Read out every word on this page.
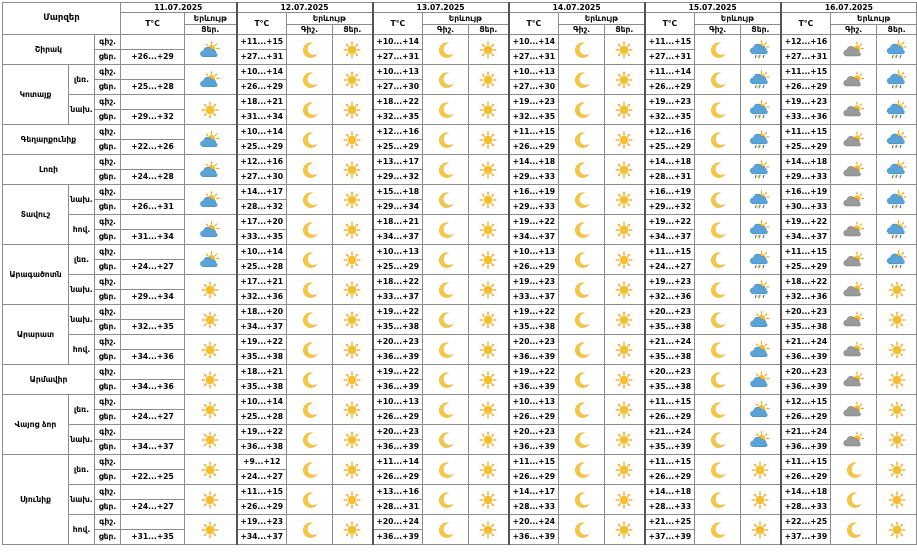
Մարզեր			11.07.2025		12.07.2025			13.07.2025			14.07.2025			15.07.2025			16.07.2025		
			T°C	Երևույթ	T°C	Երևույթ		T°C	Երևույթ		T°C	Երևույթ		T°C	Երևույթ		T°C	Երևույթ	
				Ցեր.		Գիշ.	Ցեր.		Գիշ.	Ցեր.		Գիշ.	Ցեր.		Գիշ.	Ցեր.		Գիշ.	Ցեր.
Շիրակ		գիշ.			+11...+15			+10...+14			+10...+14			+11...+15			+12...+16	

		ցեր.	+26...+29		+27...+31			+27...+31			+27...+31			+27...+31			+27...+31		
Կոտայք	լեռ.	գիշ.			+10...+14			+10...+13			+10...+13			+11...+14			+11...+15	

		ցեր.	+25...+28		+26...+29			+27...+30			+27...+30			+26...+29			+26...+29		
	նախ.	գիշ.			+18...+21			+18...+22			+19...+23			+19...+23			+19...+23	

		ցեր.	+29...+32		+31...+34			+32...+35			+32...+35			+32...+35			+33...+36		
Գեղարքունիք		գիշ.			+10...+14			+12...+16			+11...+15			+12...+16			+11...+15	

		ցեր.	+22...+26		+25...+29			+25...+29			+26...+29			+25...+29			+25...+29		
Լոռի		գիշ.			+12...+16			+13...+17			+14...+18			+14...+18			+14...+18	

		ցեր.	+24...+28		+27...+30			+29...+32			+29...+33			+28...+31			+29...+33		
Տավուշ	նախ.	գիշ.			+14...+17			+15...+18			+16...+19			+16...+19			+16...+19	

		ցեր.	+26...+31		+28...+32			+29...+34			+29...+33			+29...+32			+30...+33		
	հով.	գիշ.			+17...+20			+18...+21			+19...+22			+19...+22			+19...+22	

		ցեր.	+31...+34		+33...+35			+34...+37			+34...+37			+34...+37			+34...+37		
Արագածոտն	լեռ.	գիշ.			+10...+14			+10...+13			+10...+13			+11...+15			+11...+15	

		ցեր.	+24...+27		+25...+28			+25...+29			+26...+29			+24...+27			+25...+29		
	նախ.	գիշ.			+17...+21			+18...+22			+19...+23			+19...+23			+18...+22	

		ցեր.	+29...+34		+32...+36			+33...+37			+33...+37			+32...+36			+32...+36		
Արարատ	նախ.	գիշ.			+18...+20			+19...+22			+19...+22			+20...+23			+20...+23	

		ցեր.	+32...+35		+34...+37			+35...+38			+35...+38			+35...+38			+35...+38		
	հով.	գիշ.			+19...+22			+20...+23			+20...+23			+21...+24			+21...+24	

		ցեր.	+34...+36		+35...+38			+36...+39			+36...+39			+35...+38			+36...+39		
Արմավիր		գիշ.			+18...+21			+19...+22			+19...+22			+20...+23			+20...+23	

		ցեր.	+34...+36		+35...+38			+36...+39			+36...+39			+35...+38			+36...+39		
Վայոց ձոր	լեռ.	գիշ.			+10...+14			+10...+13			+10...+13			+11...+15			+12...+15	

		ցեր.	+24...+27		+25...+28			+26...+29			+26...+29			+26...+29			+26...+29		
	նախ.	գիշ.			+19...+22			+20...+23			+20...+23			+21...+24			+21...+24	

		ցեր.	+34...+37		+36...+38			+36...+39			+36...+39			+35...+39			+36...+39		
Սյունիք	լեռ.	գիշ.			+9...+12			+11...+14			+11...+15			+11...+15			+11...+15	

		ցեր.	+22...+25		+24...+27			+26...+29			+26...+29			+26...+29			+26...+29		
	նախ.	գիշ.			+11...+15			+13...+16			+14...+17			+14...+18			+14...+18	

		ցեր.	+24...+27		+26...+29			+28...+31			+28...+33			+28...+33			+28...+33		
	հով.	գիշ.			+19...+23			+20...+24			+20...+24			+21...+25			+22...+25	

		ցեր.	+31...+35		+34...+37			+36...+39			+36...+39			+37...+39			+37...+39		
